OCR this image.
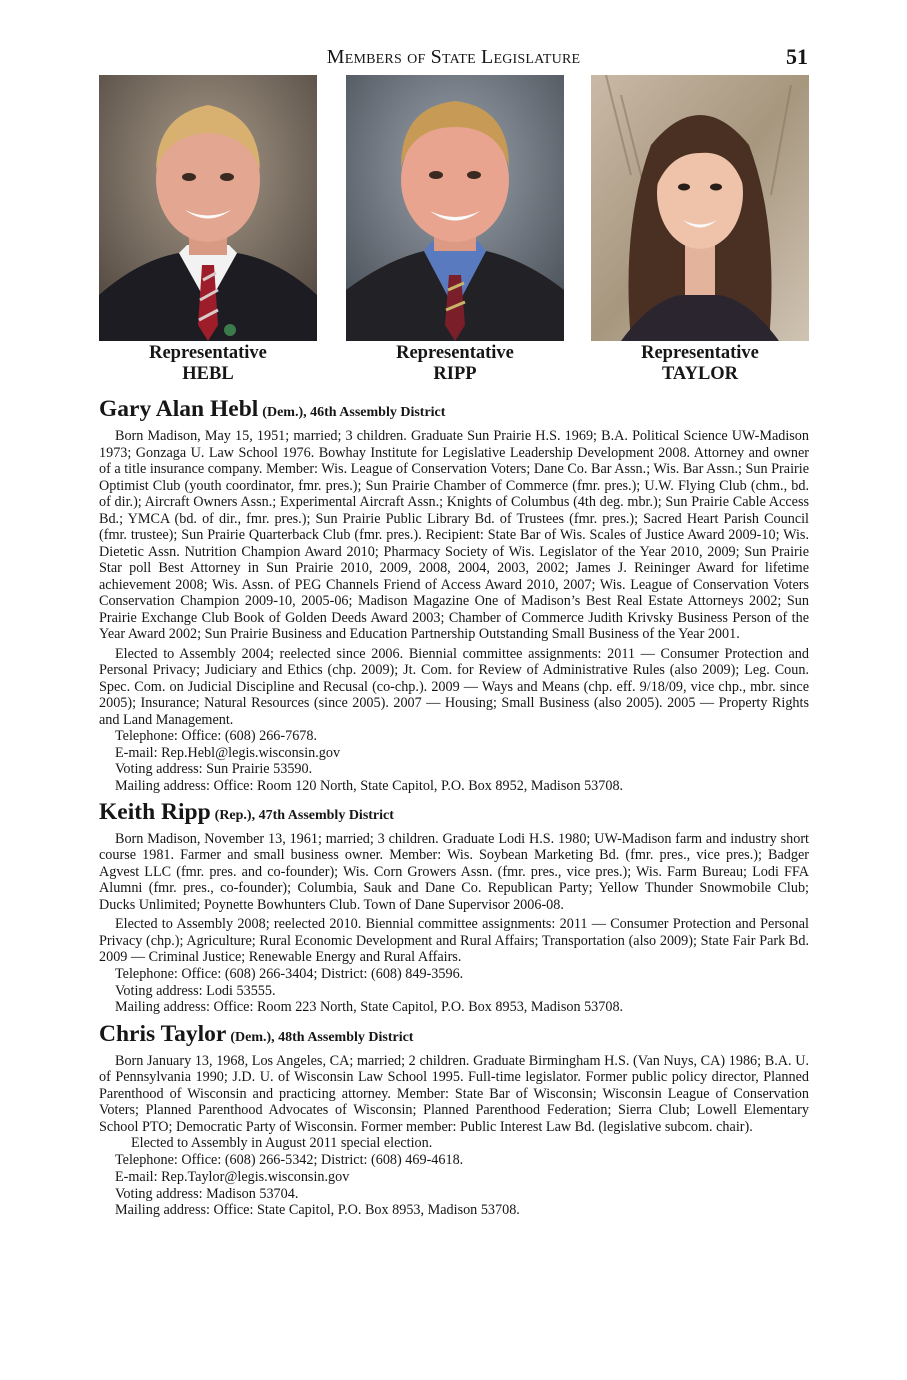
Members of State Legislature	51
Representative
HEBL
Representative
RIPP
Representative
TAYLOR

Gary Alan Hebl (Dem.), 46th Assembly District

Born Madison, May 15, 1951; married; 3 children. Graduate Sun Prairie H.S. 1969; B.A. Political Science UW-Madison 1973; Gonzaga U. Law School 1976. Bowhay Institute for Legislative Leadership Development 2008. Attorney and owner of a title insurance company. Member: Wis. League of Conservation Voters; Dane Co. Bar Assn.; Wis. Bar Assn.; Sun Prairie Optimist Club (youth coordinator, fmr. pres.); Sun Prairie Chamber of Commerce (fmr. pres.); U.W. Flying Club (chm., bd. of dir.); Aircraft Owners Assn.; Experimental Aircraft Assn.; Knights of Columbus (4th deg. mbr.); Sun Prairie Cable Access Bd.; YMCA (bd. of dir., fmr. pres.); Sun Prairie Public Library Bd. of Trustees (fmr. pres.); Sacred Heart Parish Council (fmr. trustee); Sun Prairie Quarterback Club (fmr. pres.). Recipient: State Bar of Wis. Scales of Justice Award 2009-10; Wis. Dietetic Assn. Nutrition Champion Award 2010; Pharmacy Society of Wis. Legislator of the Year 2010, 2009; Sun Prairie Star poll Best Attorney in Sun Prairie 2010, 2009, 2008, 2004, 2003, 2002; James J. Reininger Award for lifetime achievement 2008; Wis. Assn. of PEG Channels Friend of Access Award 2010, 2007; Wis. League of Conservation Voters Conservation Champion 2009-10, 2005-06; Madison Magazine One of Madison’s Best Real Estate Attorneys 2002; Sun Prairie Exchange Club Book of Golden Deeds Award 2003; Chamber of Commerce Judith Krivsky Business Person of the Year Award 2002; Sun Prairie Business and Education Partnership Outstanding Small Business of the Year 2001.

Elected to Assembly 2004; reelected since 2006. Biennial committee assignments: 2011 — Consumer Protection and Personal Privacy; Judiciary and Ethics (chp. 2009); Jt. Com. for Review of Administrative Rules (also 2009); Leg. Coun. Spec. Com. on Judicial Discipline and Recusal (co-chp.). 2009 — Ways and Means (chp. eff. 9/18/09, vice chp., mbr. since 2005); Insurance; Natural Resources (since 2005). 2007 — Housing; Small Business (also 2005). 2005 — Property Rights and Land Management.

Telephone: Office: (608) 266-7678.

E-mail: Rep.Hebl@legis.wisconsin.gov

Voting address: Sun Prairie 53590.

Mailing address: Office: Room 120 North, State Capitol, P.O. Box 8952, Madison 53708.

Keith Ripp (Rep.), 47th Assembly District

Born Madison, November 13, 1961; married; 3 children. Graduate Lodi H.S. 1980; UW-Madison farm and industry short course 1981. Farmer and small business owner. Member: Wis. Soybean Marketing Bd. (fmr. pres., vice pres.); Badger Agvest LLC (fmr. pres. and co-founder); Wis. Corn Growers Assn. (fmr. pres., vice pres.); Wis. Farm Bureau; Lodi FFA Alumni (fmr. pres., co-founder); Columbia, Sauk and Dane Co. Republican Party; Yellow Thunder Snowmobile Club; Ducks Unlimited; Poynette Bowhunters Club. Town of Dane Supervisor 2006-08.

Elected to Assembly 2008; reelected 2010. Biennial committee assignments: 2011 — Consumer Protection and Personal Privacy (chp.); Agriculture; Rural Economic Development and Rural Affairs; Transportation (also 2009); State Fair Park Bd. 2009 — Criminal Justice; Renewable Energy and Rural Affairs.

Telephone: Office: (608) 266-3404; District: (608) 849-3596.

Voting address: Lodi 53555.

Mailing address: Office: Room 223 North, State Capitol, P.O. Box 8953, Madison 53708.

Chris Taylor (Dem.), 48th Assembly District

Born January 13, 1968, Los Angeles, CA; married; 2 children. Graduate Birmingham H.S. (Van Nuys, CA) 1986; B.A. U. of Pennsylvania 1990; J.D. U. of Wisconsin Law School 1995. Full-time legislator. Former public policy director, Planned Parenthood of Wisconsin and practicing attorney. Member: State Bar of Wisconsin; Wisconsin League of Conservation Voters; Planned Parenthood Advocates of Wisconsin; Planned Parenthood Federation; Sierra Club; Lowell Elementary School PTO; Democratic Party of Wisconsin. Former member: Public Interest Law Bd. (legislative subcom. chair).

Elected to Assembly in August 2011 special election.

Telephone: Office: (608) 266-5342; District: (608) 469-4618.

E-mail: Rep.Taylor@legis.wisconsin.gov

Voting address: Madison 53704.

Mailing address: Office: State Capitol, P.O. Box 8953, Madison 53708.
